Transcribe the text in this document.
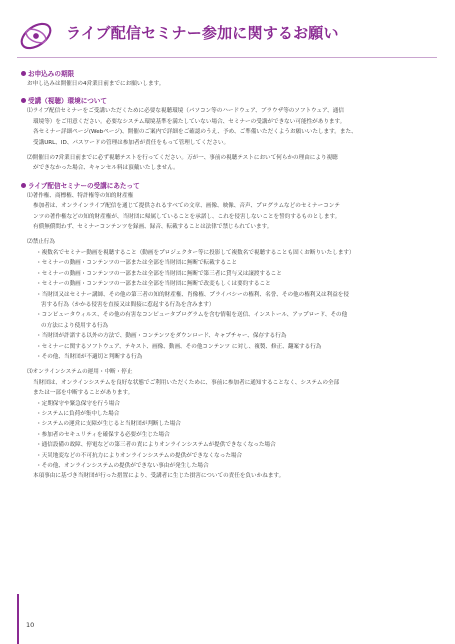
ライブ配信セミナー参加に関するお願い
お申込みの期限
お申し込みは開催日の4営業日前までにお願いします。
受講（視聴）環境について
⑴ライブ配信セミナーをご受講いただくために必要な視聴環境（パソコン等のハードウェア、ブラウザ等のソフトウェア、通信
環境等）をご用意ください。必要なシステム環境基準を満たしていない場合、セミナーの受講ができない可能性があります。
各セミナー詳細ページ(Webページ)、開催のご案内で詳細をご確認のうえ、予め、ご準備いただくようお願いいたします。また、
受講URL、ID、パスワードの管理は参加者が責任をもって管理してください。
⑵開催日の7営業日前までに必ず視聴テストを行ってください。万が一、事前の視聴テストにおいて何らかの理由により視聴
ができなかった場合、キャンセル料は頂戴いたしません。
ライブ配信セミナーの受講にあたって
⑴著作権、商標権、特許権等の知的財産権
参加者は、オンラインライブ配信を通じて提供されるすべての文章、画像、映像、音声、プログラムなどのセミナーコンテ
ンツの著作権などの知的財産権が、当財団に帰属していることを承諾し、これを侵害しないことを誓約するものとします。
有償無償問わず、セミナーコンテンツを録画、録音、転載することは法律で禁じられています。
⑵禁止行為
・複数名でセミナー動画を視聴すること（動画をプロジェクター等に投影して複数名で視聴することも固くお断りいたします）
・セミナーの動画・コンテンツの一部または全部を当財団に無断で転載すること
・セミナーの動画・コンテンツの一部または全部を当財団に無断で第三者に貸与又は譲渡すること
・セミナーの動画・コンテンツの一部または全部を当財団に無断で改変もしくは要約すること
・当財団又はセミナー講師、その他の第三者の知的財産権、肖像権、プライバシーの権利、名誉、その他の権利又は利益を侵
害する行為（かかる侵害を直接又は間接に惹起する行為を含みます）
・コンピュータウィルス、その他の有害なコンピュータプログラムを含む情報を送信、インストール、アップロード、その他
の方法により使用する行為
・当財団が許諾する以外の方法で、動画・コンテンツをダウンロード、キャプチャー、保存する行為
・セミナーに関するソフトウェア、テキスト、画像、動画、その他コンテンツ に対し、複製、修正、翻案する行為
・その他、当財団が不適切と判断する行為
⑶オンラインシステムの運用・中断・停止
当財団は、オンラインシステムを良好な状態でご利用いただくために、事前に参加者に通知することなく、システムの全部
または一部を中断することがあります。
・定期保守や緊急保守を行う場合
・システムに負荷が集中した場合
・システムの運営に支障が生じると当財団が判断した場合
・参加者のセキュリティを確保する必要が生じた場合
・通信設備の故障、停電などの第三者の責によりオンラインシステムが提供できなくなった場合
・天災地変などの不可抗力によりオンラインシステムの提供ができなくなった場合
・その他、オンラインシステムの提供ができない事由が発生した場合
本項事由に基づき当財団が行った措置により、受講者に生じた損害についての責任を負いかねます。
10
